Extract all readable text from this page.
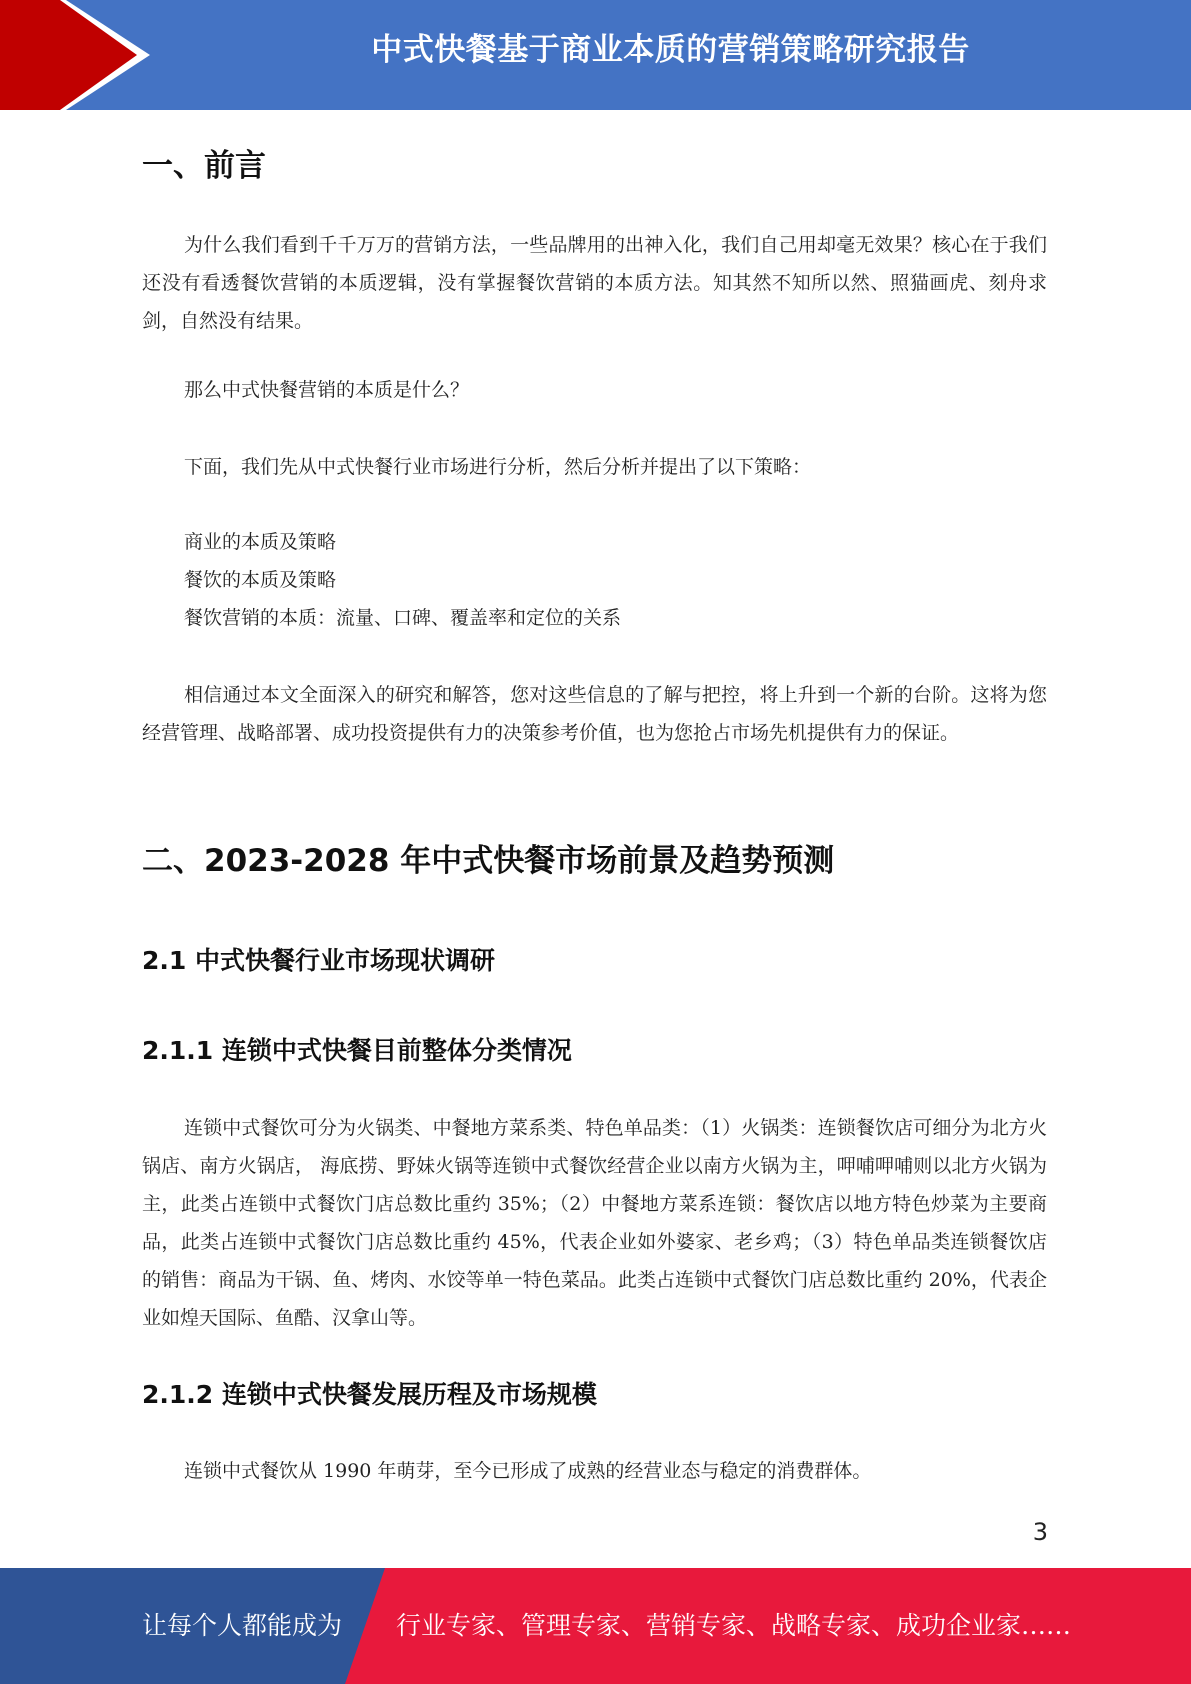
中式快餐基于商业本质的营销策略研究报告
一、前言

为什么我们看到千千万万的营销方法，一些品牌用的出神入化，我们自己用却毫无效果？核心在于我们还没有看透餐饮营销的本质逻辑，没有掌握餐饮营销的本质方法。知其然不知所以然、照猫画虎、刻舟求剑，自然没有结果。

那么中式快餐营销的本质是什么？

下面，我们先从中式快餐行业市场进行分析，然后分析并提出了以下策略：

商业的本质及策略
餐饮的本质及策略
餐饮营销的本质：流量、口碑、覆盖率和定位的关系

相信通过本文全面深入的研究和解答，您对这些信息的了解与把控，将上升到一个新的台阶。这将为您经营管理、战略部署、成功投资提供有力的决策参考价值，也为您抢占市场先机提供有力的保证。

二、2023-2028 年中式快餐市场前景及趋势预测
2.1 中式快餐行业市场现状调研
2.1.1 连锁中式快餐目前整体分类情况

连锁中式餐饮可分为火锅类、中餐地方菜系类、特色单品类：（1）火锅类：连锁餐饮店可细分为北方火锅店、南方火锅店， 海底捞、野妹火锅等连锁中式餐饮经营企业以南方火锅为主，呷哺呷哺则以北方火锅为主，此类占连锁中式餐饮门店总数比重约 35%；（2）中餐地方菜系连锁：餐饮店以地方特色炒菜为主要商品，此类占连锁中式餐饮门店总数比重约 45%，代表企业如外婆家、老乡鸡；（3）特色单品类连锁餐饮店的销售：商品为干锅、鱼、烤肉、水饺等单一特色菜品。此类占连锁中式餐饮门店总数比重约 20%，代表企业如煌天国际、鱼酷、汉拿山等。

2.1.2 连锁中式快餐发展历程及市场规模

连锁中式餐饮从 1990 年萌芽，至今已形成了成熟的经营业态与稳定的消费群体。

3
让每个人都能成为 行业专家、管理专家、营销专家、战略专家、成功企业家……
